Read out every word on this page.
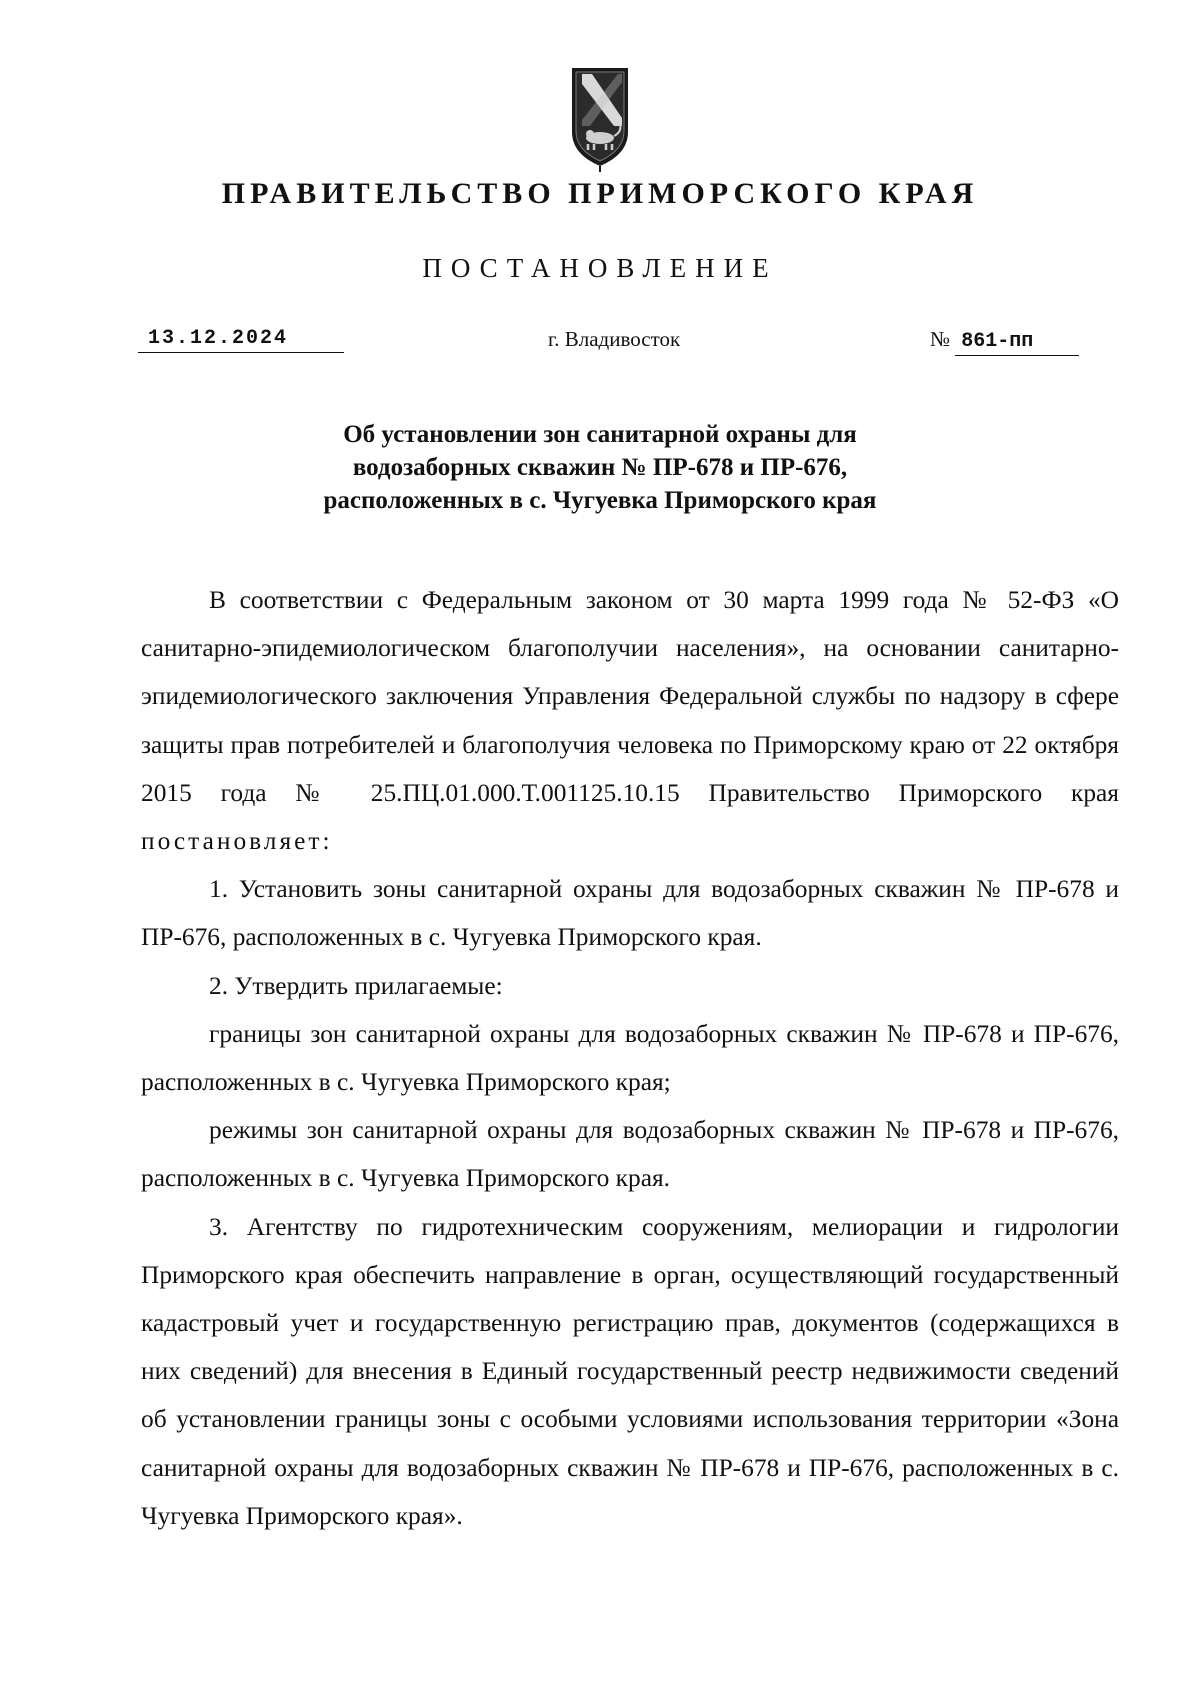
ПРАВИТЕЛЬСТВО ПРИМОРСКОГО КРАЯ
ПОСТАНОВЛЕНИЕ
13.12.2024	г. Владивосток	№ 861-пп
Об установлении зон санитарной охраны для
водозаборных скважин № ПР-678 и ПР-676,
расположенных в с. Чугуевка Приморского края

В соответствии с Федеральным законом от 30 марта 1999 года № 52-ФЗ «О санитарно-эпидемиологическом благополучии населения», на основании санитарно-эпидемиологического заключения Управления Федеральной службы по надзору в сфере защиты прав потребителей и благополучия человека по Приморскому краю от 22 октября 2015 года № 25.ПЦ.01.000.Т.001125.10.15 Правительство Приморского края постановляет:

1. Установить зоны санитарной охраны для водозаборных скважин № ПР-678 и ПР-676, расположенных в с. Чугуевка Приморского края.

2. Утвердить прилагаемые:

границы зон санитарной охраны для водозаборных скважин № ПР-678 и ПР-676, расположенных в с. Чугуевка Приморского края;

режимы зон санитарной охраны для водозаборных скважин № ПР-678 и ПР-676, расположенных в с. Чугуевка Приморского края.

3. Агентству по гидротехническим сооружениям, мелиорации и гидрологии Приморского края обеспечить направление в орган, осуществляющий государственный кадастровый учет и государственную регистрацию прав, документов (содержащихся в них сведений) для внесения в Единый государственный реестр недвижимости сведений об установлении границы зоны с особыми условиями использования территории «Зона санитарной охраны для водозаборных скважин № ПР-678 и ПР-676, расположенных в с. Чугуевка Приморского края».
